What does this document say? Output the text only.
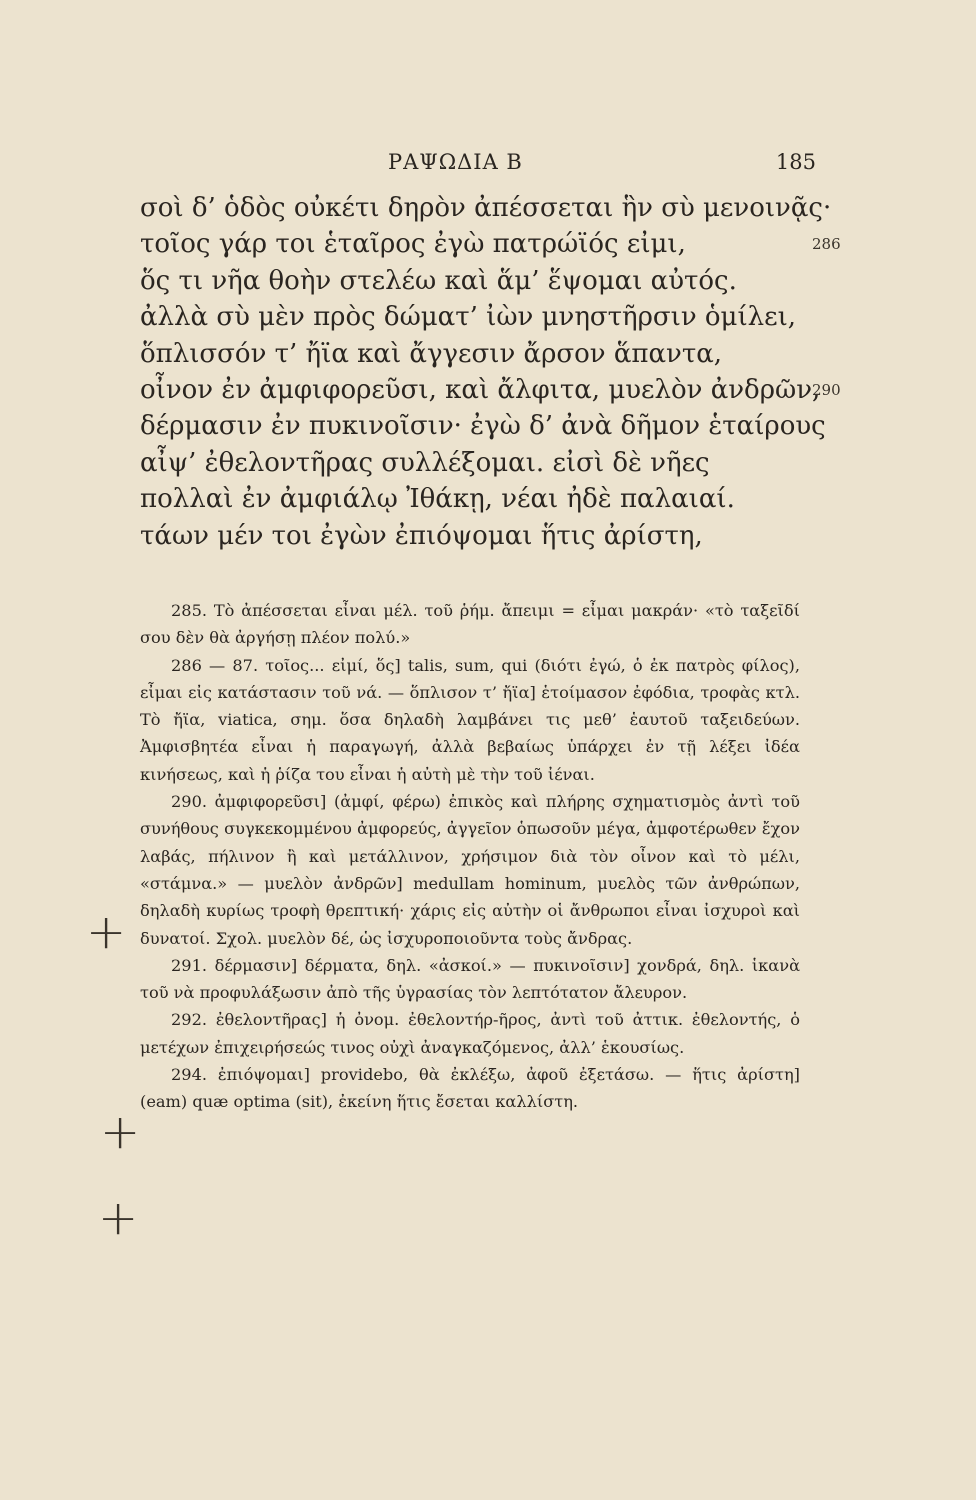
ΡΑΨΩΔΙΑ Β	185
σοὶ δ’ ὁδὸς οὐκέτι δηρὸν ἀπέσσεται ἣν σὺ μενοινᾷς·
τοῖος γάρ τοι ἑταῖρος ἐγὼ πατρώϊός εἰμι,	286
ὅς τι νῆα θοὴν στελέω καὶ ἅμ’ ἕψομαι αὐτός.
ἀλλὰ σὺ μὲν πρὸς δώματ’ ἰὼν μνηστῆρσιν ὁμίλει,
ὅπλισσόν τ’ ἤϊα καὶ ἄγγεσιν ἄρσον ἅπαντα,
οἶνον ἐν ἀμφιφορεῦσι, καὶ ἄλφιτα, μυελὸν ἀνδρῶν,
290
δέρμασιν ἐν πυκινοῖσιν· ἐγὼ δ’ ἀνὰ δῆμον ἑταίρους
αἶψ’ ἐθελοντῆρας συλλέξομαι. εἰσὶ δὲ νῆες
πολλαὶ ἐν ἀμφιάλῳ Ἰθάκῃ, νέαι ἠδὲ παλαιαί.
τάων μέν τοι ἐγὼν ἐπιόψομαι ἥτις ἀρίστη,

285. Τὸ ἀπέσσεται εἶναι μέλ. τοῦ ῥήμ. ἄπειμι = εἶμαι μακράν· «τὸ ταξεῖδί σου δὲν θὰ ἀργήσῃ πλέον πολύ.»

286 — 87. τοῖος... εἰμί, ὅς] talis, sum, qui (διότι ἐγώ, ὁ ἐκ πατρὸς φίλος), εἶμαι εἰς κατάστασιν τοῦ νά. — ὅπλισον τ’ ἤϊα] ἑτοίμασον ἐφόδια, τροφὰς κτλ. Τὸ ἤϊα, viatica, σημ. ὅσα δηλαδὴ λαμβάνει τις μεθ’ ἑαυτοῦ ταξειδεύων. Ἀμφισβητέα εἶναι ἡ παραγωγή, ἀλλὰ βεβαίως ὑπάρχει ἐν τῇ λέξει ἰδέα κινήσεως, καὶ ἡ ῥίζα του εἶναι ἡ αὐτὴ μὲ τὴν τοῦ ἰέναι.

290. ἀμφιφορεῦσι] (ἀμφί, φέρω) ἐπικὸς καὶ πλήρης σχηματισμὸς ἀντὶ τοῦ συνήθους συγκεκομμένου ἀμφορεύς, ἀγγεῖον ὁπωσοῦν μέγα, ἀμφοτέρωθεν ἔχον λαβάς, πήλινον ἢ καὶ μετάλλινον, χρήσιμον διὰ τὸν οἶνον καὶ τὸ μέλι, «στάμνα.» — μυελὸν ἀνδρῶν] medullam hominum, μυελὸς τῶν ἀνθρώπων, δηλαδὴ κυρίως τροφὴ θρεπτική· χάρις εἰς αὐτὴν οἱ ἄνθρωποι εἶναι ἰσχυροὶ καὶ δυνατοί. Σχολ. μυελὸν δέ, ὡς ἰσχυροποιοῦντα τοὺς ἄνδρας.

291. δέρμασιν] δέρματα, δηλ. «ἀσκοί.» — πυκινοῖσιν] χονδρά, δηλ. ἱκανὰ τοῦ νὰ προφυλάξωσιν ἀπὸ τῆς ὑγρασίας τὸν λεπτότατον ἄλευρον.

292. ἐθελοντῆρας] ἡ ὀνομ. ἐθελοντήρ-ῆρος, ἀντὶ τοῦ ἀττικ. ἐθελοντής, ὁ μετέχων ἐπιχειρήσεώς τινος οὐχὶ ἀναγκαζόμενος, ἀλλ’ ἑκουσίως.

294. ἐπιόψομαι] providebo, θὰ ἐκλέξω, ἀφοῦ ἐξετάσω. — ἥτις ἀρίστη] (eam) quæ optima (sit), ἐκείνη ἥτις ἔσεται καλλίστη.

+
+
+
